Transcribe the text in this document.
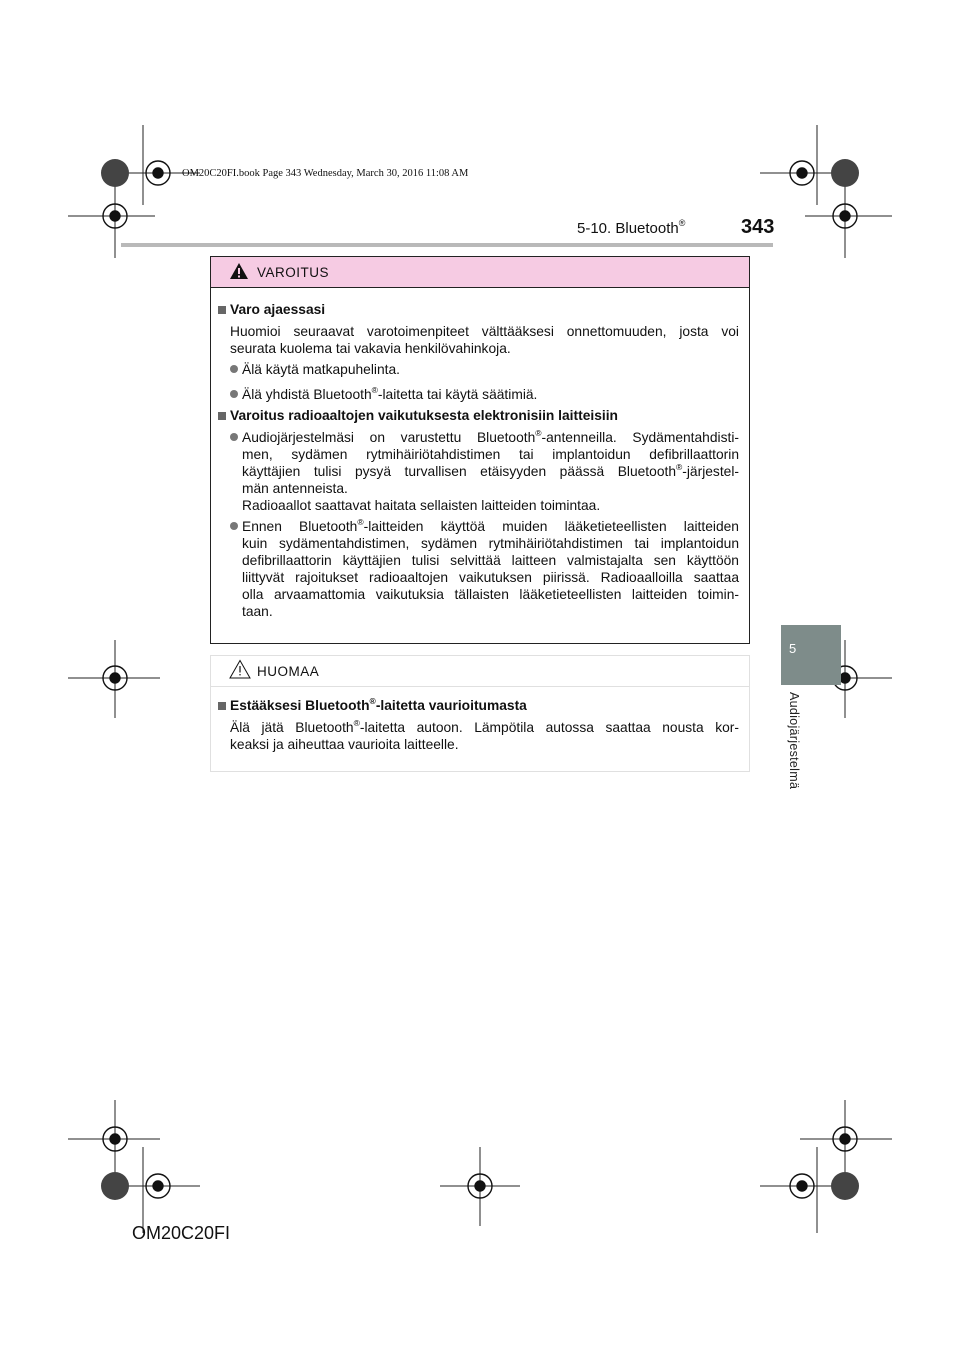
OM20C20FI.book Page 343 Wednesday, March 30, 2016 11:08 AM
5-10. Bluetooth®	343
5
Audiojärjestelmä
VAROITUS
Varo ajaessasi
Huomioi seuraavat varotoimenpiteet välttääksesi onnettomuuden, josta voi
seurata kuolema tai vakavia henkilövahinkoja.
Älä käytä matkapuhelinta.
Älä yhdistä Bluetooth®-laitetta tai käytä säätimiä.
Varoitus radioaaltojen vaikutuksesta elektronisiin laitteisiin
Audiojärjestelmäsi on varustettu Bluetooth®-antenneilla. Sydämentahdisti-
men, sydämen rytmihäiriötahdistimen tai implantoidun defibrillaattorin
käyttäjien tulisi pysyä turvallisen etäisyyden päässä Bluetooth®-järjestel-
män antenneista.
Radioaallot saattavat haitata sellaisten laitteiden toimintaa.
Ennen Bluetooth®-laitteiden käyttöä muiden lääketieteellisten laitteiden
kuin sydämentahdistimen, sydämen rytmihäiriötahdistimen tai implantoidun
defibrillaattorin käyttäjien tulisi selvittää laitteen valmistajalta sen käyttöön
liittyvät rajoitukset radioaaltojen vaikutuksen piirissä. Radioaalloilla saattaa
olla arvaamattomia vaikutuksia tällaisten lääketieteellisten laitteiden toimin-
taan.
HUOMAA
Estääksesi Bluetooth®-laitetta vaurioitumasta
Älä jätä Bluetooth®-laitetta autoon. Lämpötila autossa saattaa nousta kor-
keaksi ja aiheuttaa vaurioita laitteelle.
OM20C20FI
